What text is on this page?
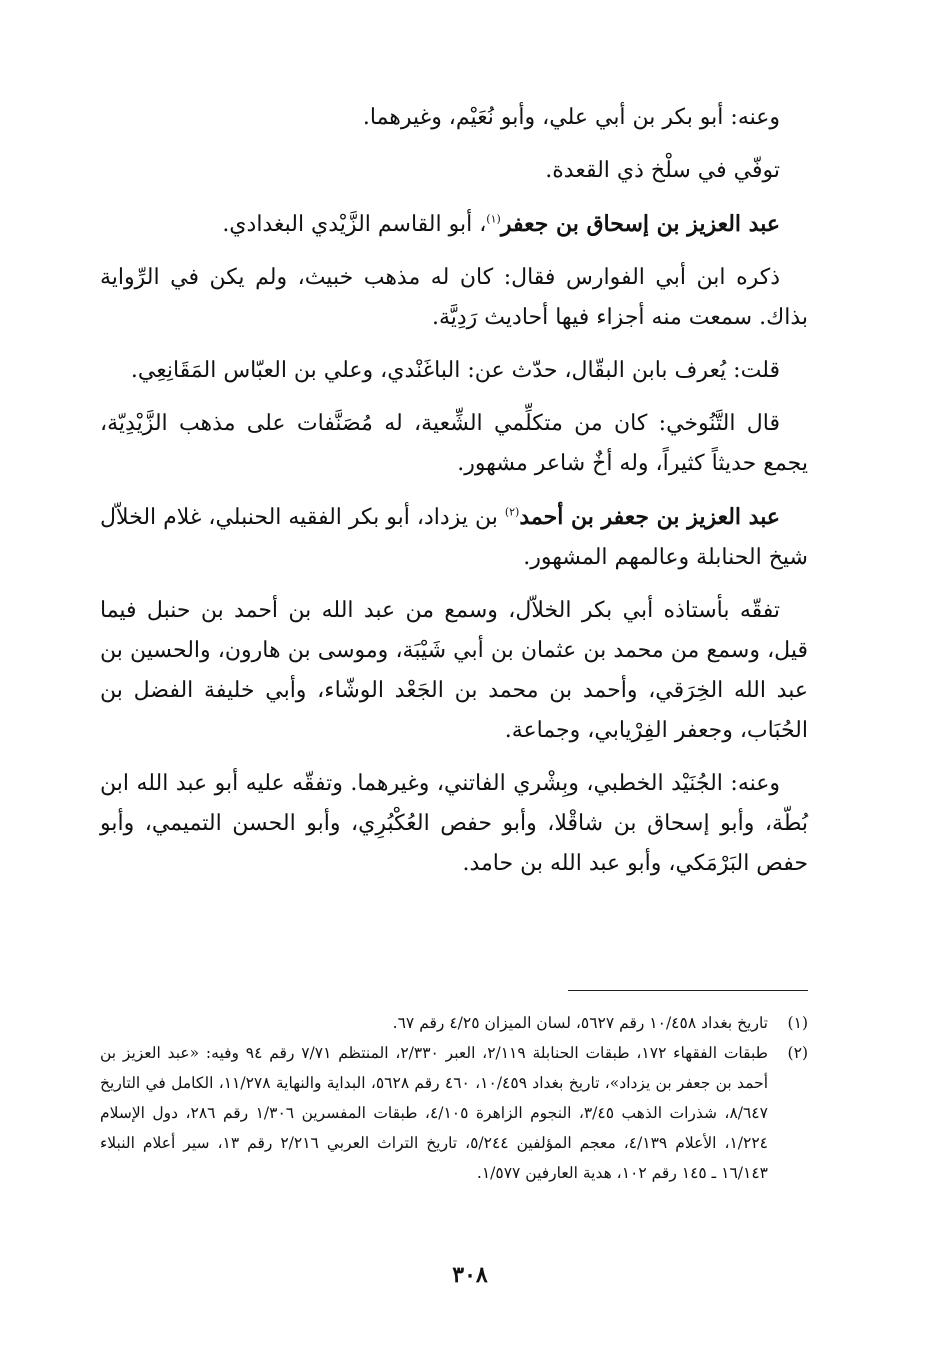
وعنه: أبو بكر بن أبي علي، وأبو نُعَيْم، وغيرهما.

توفّي في سلْخ ذي القعدة.

عبد العزيز بن إسحاق بن جعفر$^{(١)}$، أبو القاسم الزَّيْدي البغدادي.

ذكره ابن أبي الفوارس فقال: كان له مذهب خبيث، ولم يكن في الرِّواية بذاك. سمعت منه أجزاء فيها أحاديث رَدِيَّة.

قلت: يُعرف بابن البقّال، حدّث عن: الباغَنْدي، وعلي بن العبّاس المَقَانِعِي.

قال التَّنُوخي: كان من متكلِّمي الشِّعية، له مُصَنَّفات على مذهب الزَّيْدِيّة، يجمع حديثاً كثيراً، وله أخٌ شاعر مشهور.

عبد العزيز بن جعفر بن أحمد$^{(٢)}$ بن يزداد، أبو بكر الفقيه الحنبلي، غلام الخلاّل شيخ الحنابلة وعالمهم المشهور.

تفقّه بأستاذه أبي بكر الخلاّل، وسمع من عبد الله بن أحمد بن حنبل فيما قيل، وسمع من محمد بن عثمان بن أبي شَيْبَة، وموسى بن هارون، والحسين بن عبد الله الخِرَقي، وأحمد بن محمد بن الجَعْد الوشّاء، وأبي خليفة الفضل بن الحُبَاب، وجعفر الفِرْيابي، وجماعة.

وعنه: الجُنَيْد الخطبي، وبِشْري الفاتني، وغيرهما. وتفقّه عليه أبو عبد الله ابن بُطّة، وأبو إسحاق بن شاقْلا، وأبو حفص العُكْبُرِي، وأبو الحسن التميمي، وأبو حفص البَرْمَكي، وأبو عبد الله بن حامد.

(١)
تاريخ بغداد ١٠/٤٥٨ رقم ٥٦٢٧، لسان الميزان ٤/٢٥ رقم ٦٧.

(٢)
طبقات الفقهاء ١٧٢، طبقات الحنابلة ٢/١١٩، العبر ٢/٣٣٠، المنتظم ٧/٧١ رقم ٩٤ وفيه: «عبد العزيز بن أحمد بن جعفر بن يزداد»، تاريخ بغداد ١٠/٤٥٩، ٤٦٠ رقم ٥٦٢٨، البداية والنهاية ١١/٢٧٨، الكامل في التاريخ ٨/٦٤٧، شذرات الذهب ٣/٤٥، النجوم الزاهرة ٤/١٠٥، طبقات المفسرين ١/٣٠٦ رقم ٢٨٦، دول الإسلام ١/٢٢٤، الأعلام ٤/١٣٩، معجم المؤلفين ٥/٢٤٤، تاريخ التراث العربي ٢/٢١٦ رقم ١٣، سير أعلام النبلاء ١٦/١٤٣ ـ ١٤٥ رقم ١٠٢، هدية العارفين ١/٥٧٧.

٣٠٨
